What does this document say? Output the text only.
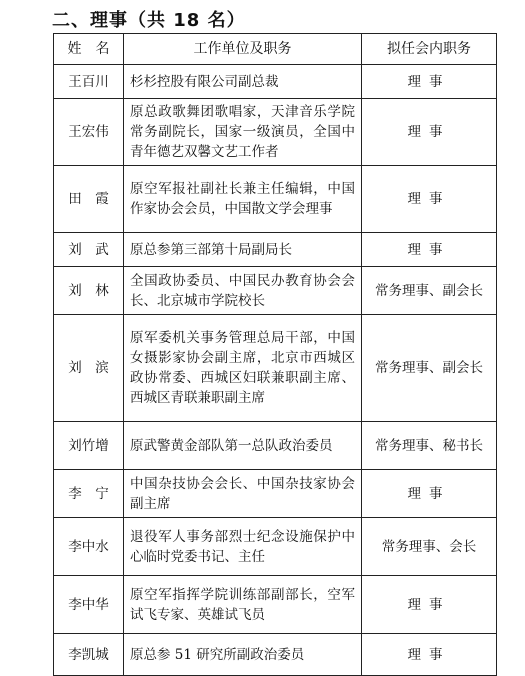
二、理事（共 18 名）
姓　名	工作单位及职务	拟任会内职务
王百川	杉杉控股有限公司副总裁	理事
王宏伟	原总政歌舞团歌唱家，天津音乐学院常务副院长，国家一级演员，全国中青年德艺双馨文艺工作者	理事
田　霞	原空军报社副社长兼主任编辑，中国作家协会会员，中国散文学会理事	理事
刘　武	原总参第三部第十局副局长	理事
刘　林	全国政协委员、中国民办教育协会会长、北京城市学院校长	常务理事、副会长
刘　滨	原军委机关事务管理总局干部，中国女摄影家协会副主席，北京市西城区政协常委、西城区妇联兼职副主席、西城区青联兼职副主席	常务理事、副会长
刘竹增	原武警黄金部队第一总队政治委员	常务理事、秘书长
李　宁	中国杂技协会会长、中国杂技家协会副主席	理事
李中水	退役军人事务部烈士纪念设施保护中心临时党委书记、主任	常务理事、会长
李中华	原空军指挥学院训练部副部长，空军试飞专家、英雄试飞员	理事
李凯城	原总参 51 研究所副政治委员	理事
